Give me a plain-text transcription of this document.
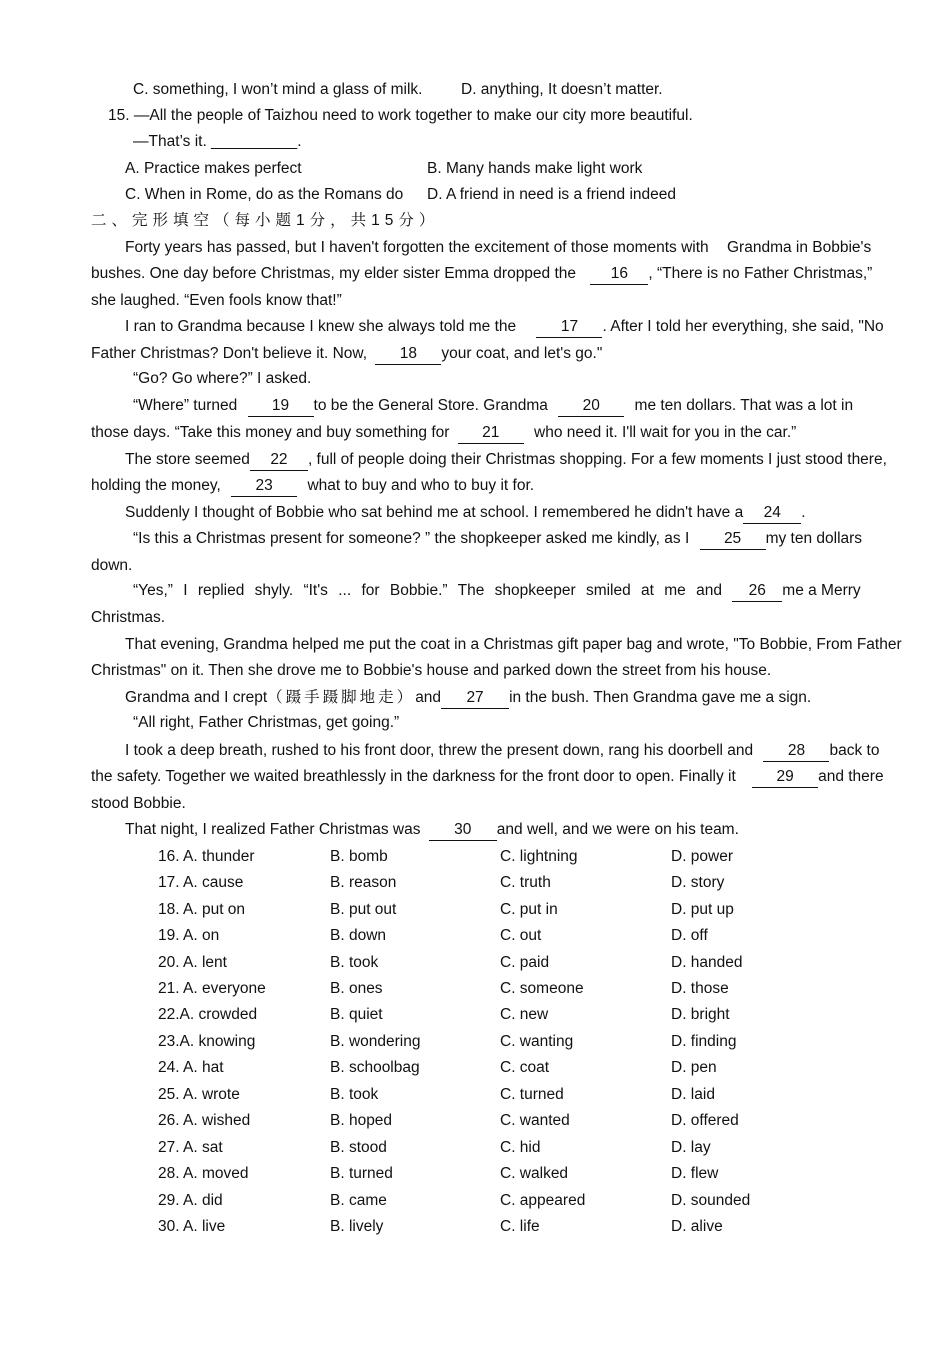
C. something, I won’t mind a glass of milk. D. anything, It doesn’t matter.
15. —All the people of Taizhou need to work together to make our city more beautiful.
—That’s it. __________.
A. Practice makes perfect	B. Many hands make light work
C. When in Rome, do as the Romans do D. A friend in need is a friend indeed
二、完形填空（每小题1分，共15分）
Forty years has passed, but I haven't forgotten the excitement of those moments with Grandma in Bobbie's
bushes. One day before Christmas, my elder sister Emma dropped the 16 , “There is no Father Christmas,”
she laughed. “Even fools know that!”
I ran to Grandma because I knew she always told me the	17 . After I told her everything, she said, "No
Father Christmas? Don't believe it. Now, 18 your coat, and let's go."
“Go? Go where?” I asked.
“Where” turned 19 to be the General Store. Grandma 20 me ten dollars. That was a lot in
those days. “Take this money and buy something for 21 who need it. I'll wait for you in the car.”
The store seemed 22 , full of people doing their Christmas shopping. For a few moments I just stood there,
holding the money, 23 what to buy and who to buy it for.
Suddenly I thought of Bobbie who sat behind me at school. I remembered he didn't have a 24 .
“Is this a Christmas present for someone? ” the shopkeeper asked me kindly, as I 25 my ten dollars
down.
“Yes,” I replied shyly. “It's ... for Bobbie.” The shopkeeper smiled at me and 26 me a Merry
Christmas.
That evening, Grandma helped me put the coat in a Christmas gift paper bag and wrote, "To Bobbie, From Father
Christmas" on it. Then she drove me to Bobbie's house and parked down the street from his house.
Grandma and I crept（蹑手蹑脚地走）and 27 in the bush. Then Grandma gave me a sign.
“All right, Father Christmas, get going.”
I took a deep breath, rushed to his front door, threw the present down, rang his doorbell and 28 back to
the safety. Together we waited breathlessly in the darkness for the front door to open. Finally it	29 and there
stood Bobbie.
That night, I realized Father Christmas was 30 and well, and we were on his team.
16. A. thunder	B. bomb	C. lightning	D. power
17. A. cause	B. reason	C. truth	D. story
18. A. put on	B. put out	C. put in	D. put up
19. A. on	B. down	C. out	D. off
20. A. lent	B. took	C. paid	D. handed
21. A. everyone	B. ones	C. someone	D. those
22.A. crowded	B. quiet	C. new	D. bright
23.A. knowing	B. wondering	C. wanting	D. finding
24. A. hat	B. schoolbag	C. coat	D. pen
25. A. wrote	B. took	C. turned	D. laid
26. A. wished	B. hoped	C. wanted	D. offered
27. A. sat	B. stood	C. hid	D. lay
28. A. moved	B. turned	C. walked	D. flew
29. A. did	B. came	C. appeared	D. sounded
30. A. live	B. lively	C. life	D. alive
